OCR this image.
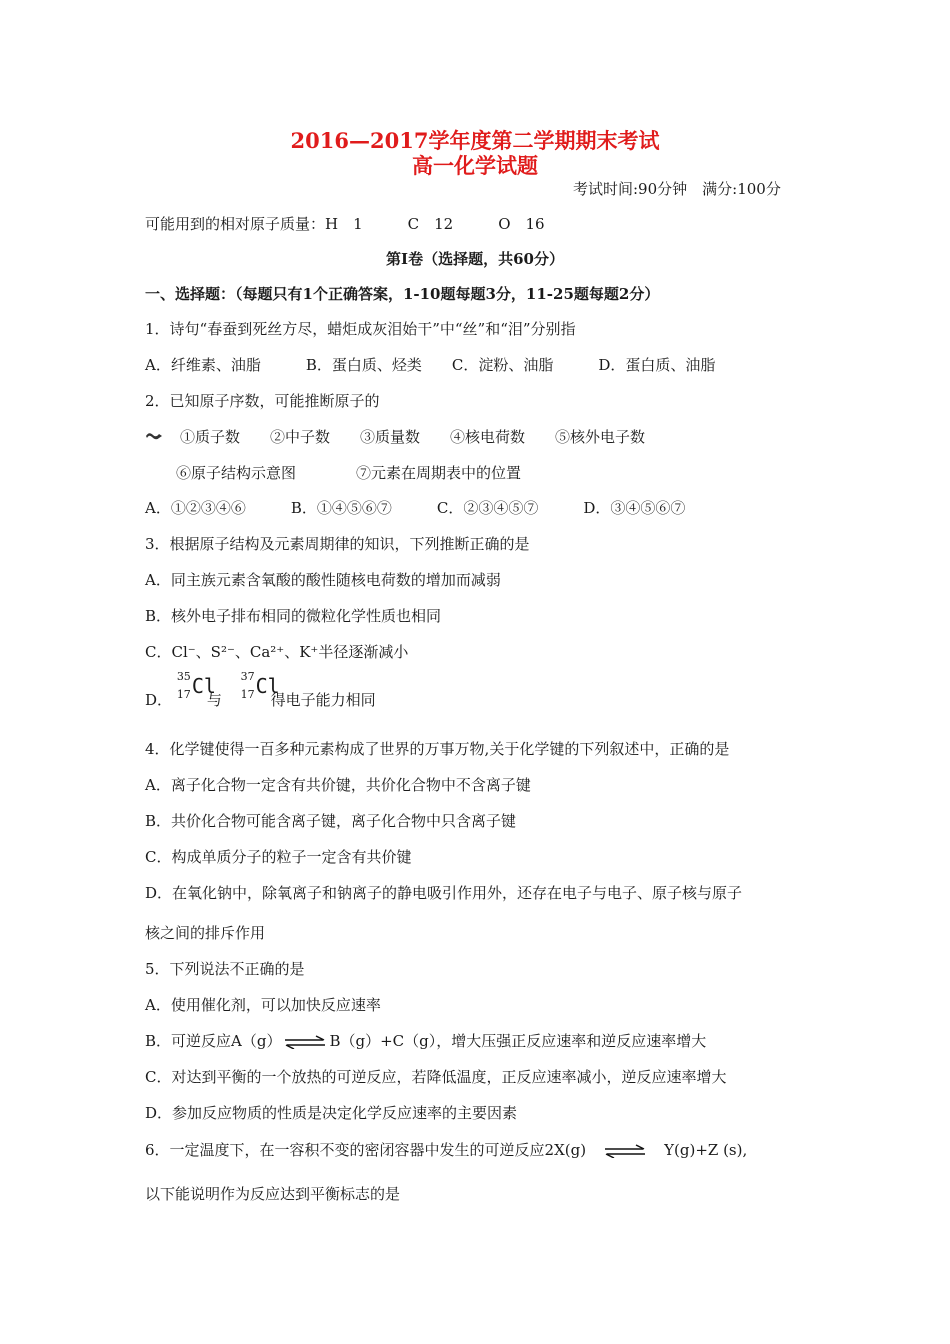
2016—2017学年度第二学期期末考试
高一化学试题
考试时间:90分钟　满分:100分
可能用到的相对原子质量：H　1　　　C　12　　　O　16
第Ⅰ卷（选择题，共60分）
一、选择题：（每题只有1个正确答案，1-10题每题3分，11-25题每题2分）
1．诗句“春蚕到死丝方尽，蜡炬成灰泪始干”中“丝”和“泪”分别指
A．纤维素、油脂　　　B．蛋白质、烃类　　C．淀粉、油脂　　　D．蛋白质、油脂
2．已知原子序数，可能推断原子的
①质子数　　②中子数　　③质量数　　④核电荷数　　⑤核外电子数
⑥原子结构示意图　　　　⑦元素在周期表中的位置
A．①②③④⑥　　　B．①④⑤⑥⑦　　　C．②③④⑤⑦　　　D．③④⑤⑥⑦
3．根据原子结构及元素周期律的知识，下列推断正确的是
A．同主族元素含氧酸的酸性随核电荷数的增加而减弱
B．核外电子排布相同的微粒化学性质也相同
C．Cl⁻、S²⁻、Ca²⁺、K⁺半径逐渐减小
D．
35
17 Cl
与
37
17 Cl
得电子能力相同
4．化学键使得一百多种元素构成了世界的万事万物,关于化学键的下列叙述中，正确的是
A．离子化合物一定含有共价键，共价化合物中不含离子键
B．共价化合物可能含离子键，离子化合物中只含离子键
C．构成单质分子的粒子一定含有共价键
D．在氧化钠中，除氧离子和钠离子的静电吸引作用外，还存在电子与电子、原子核与原子
核之间的排斥作用
5．下列说法不正确的是
A．使用催化剂，可以加快反应速率
B．可逆反应A（g） ⇌ B（g）+C（g），增大压强正反应速率和逆反应速率增大
C．对达到平衡的一个放热的可逆反应，若降低温度，正反应速率减小，逆反应速率增大
D．参加反应物质的性质是决定化学反应速率的主要因素
6．一定温度下，在一容积不变的密闭容器中发生的可逆反应2X(g)　 ⇌　 Y(g)+Z (s),
以下能说明作为反应达到平衡标志的是
